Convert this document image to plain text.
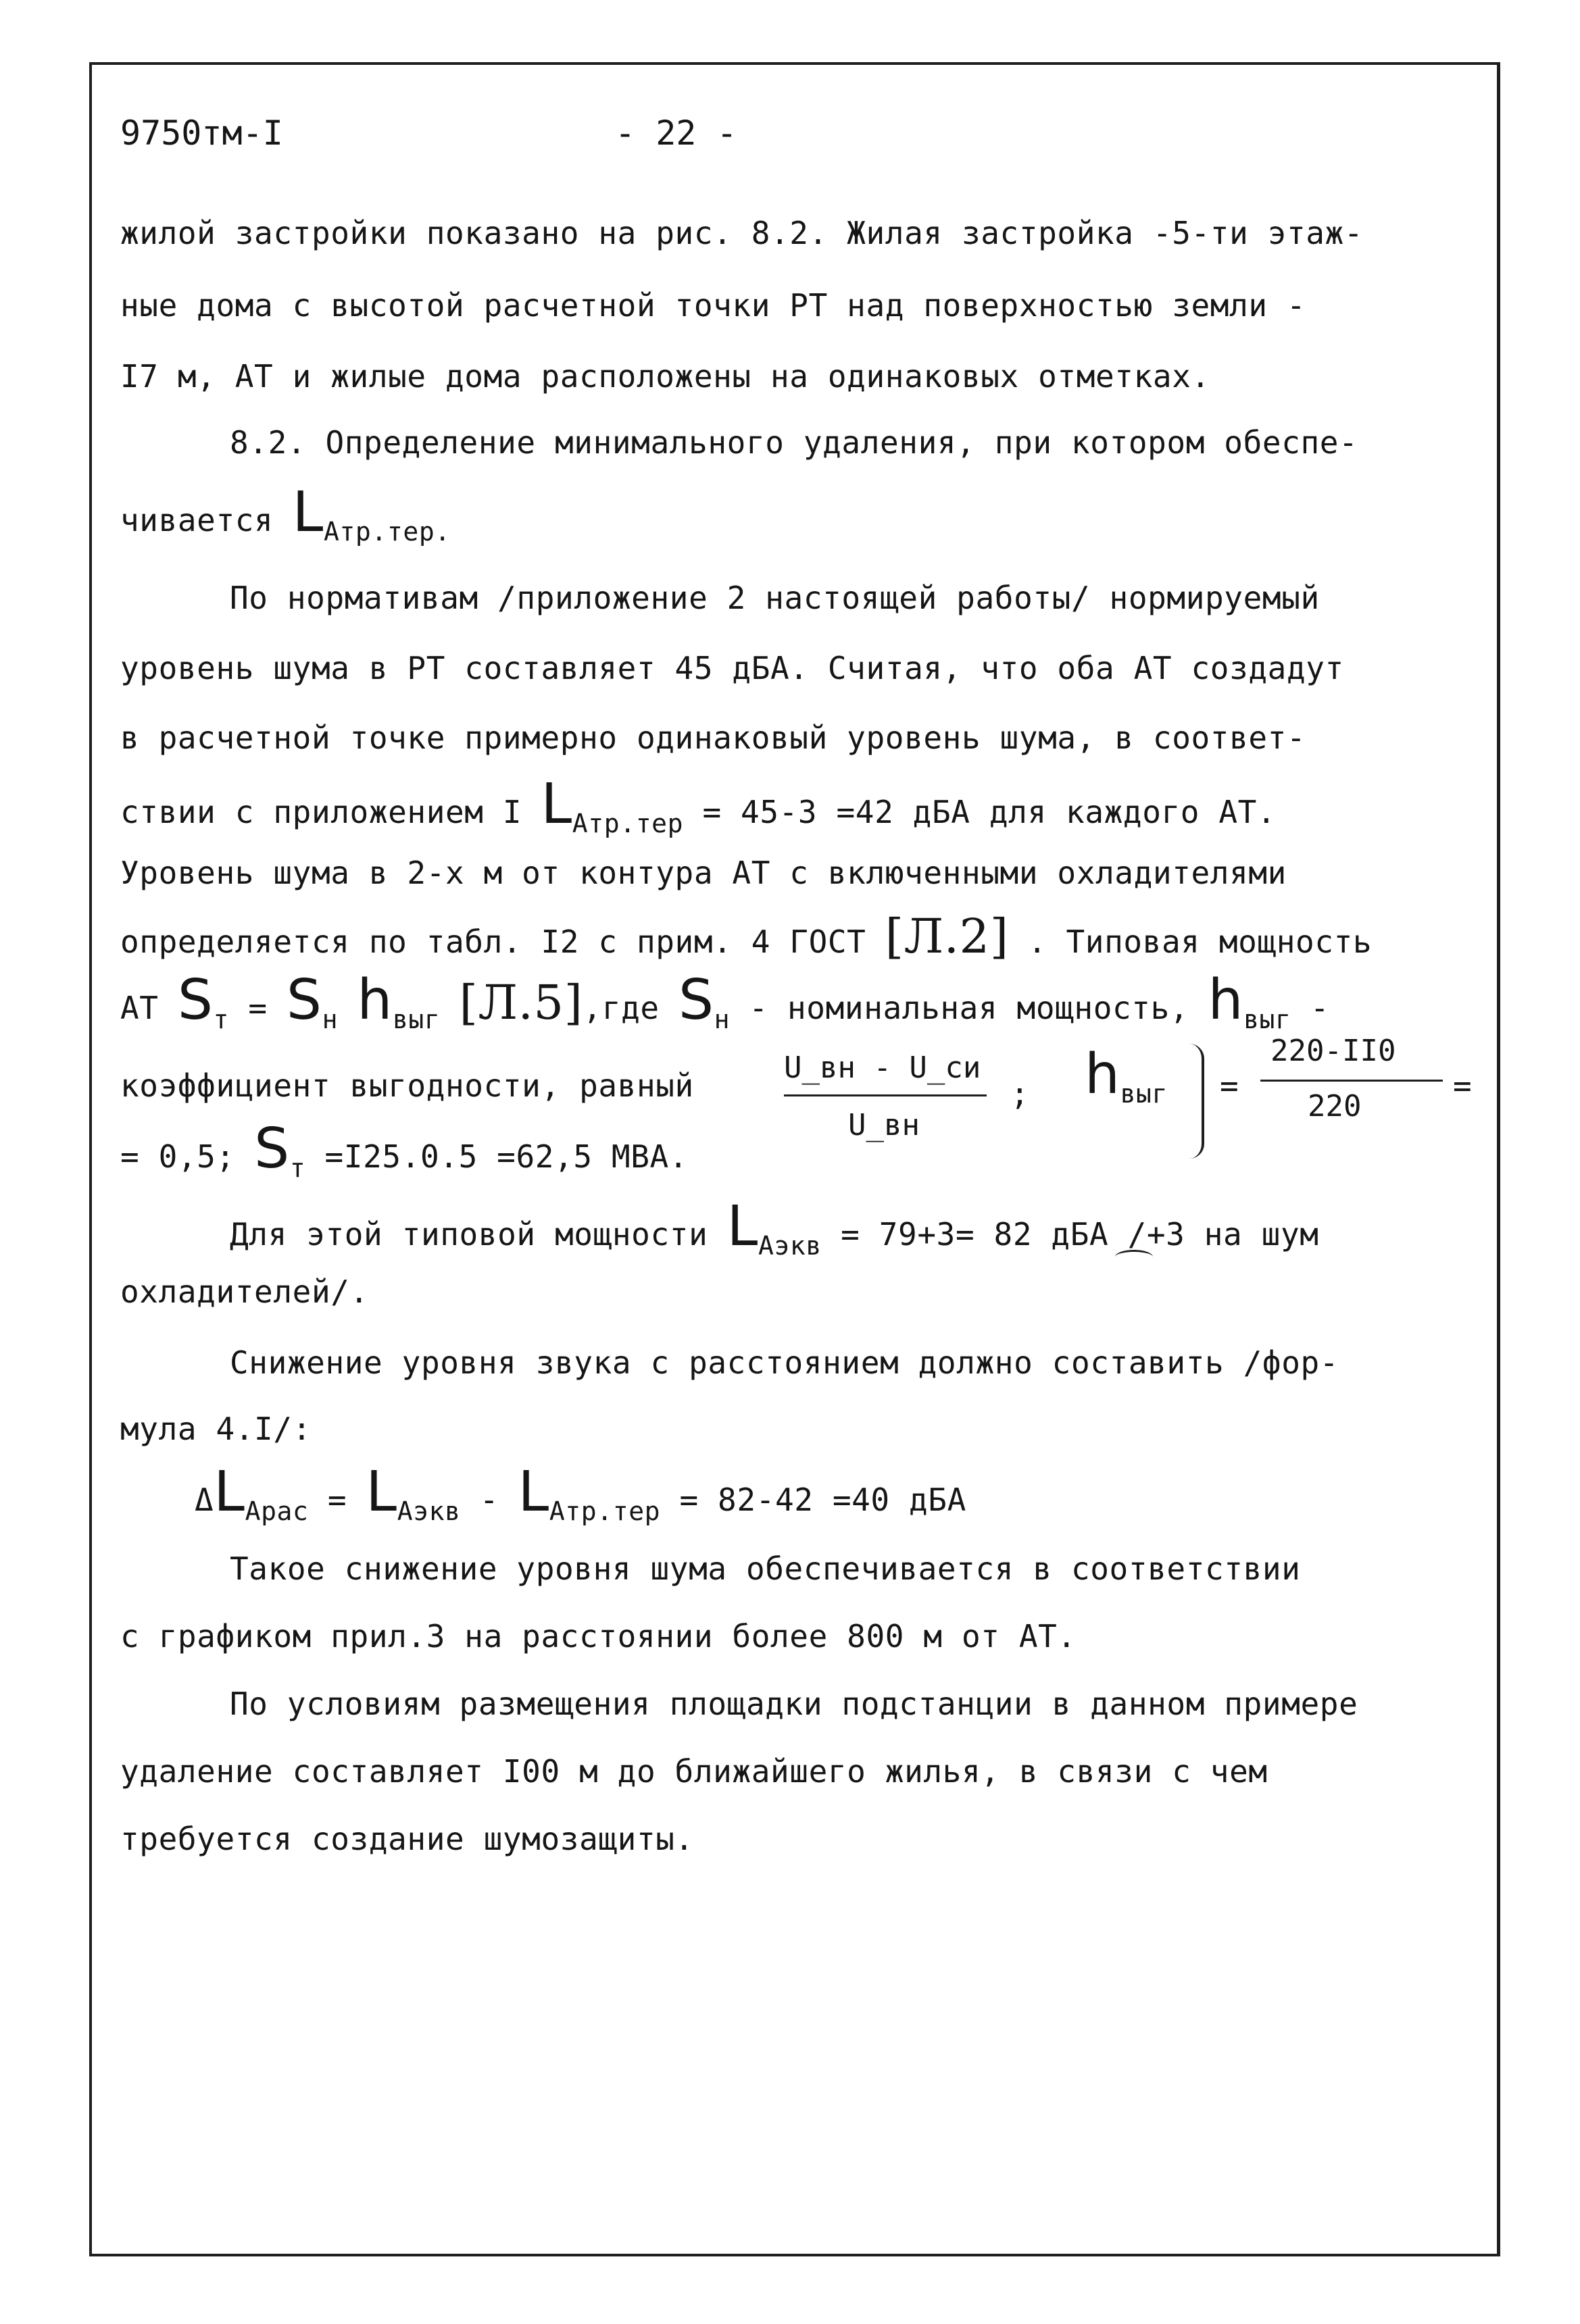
9750тм-I	- 22 -
жилой застройки показано на рис. 8.2. Жилая застройка -5-ти этаж-
ные дома с высотой расчетной точки РТ над поверхностью земли -
I7 м, АТ и жилые дома расположены на одинаковых отметках.
8.2. Определение минимального удаления, при котором обеспе-
чивается $L_{Атр.тер.}$
По нормативам /приложение 2 настоящей работы/ нормируемый
уровень шума в РТ составляет 45 дБА. Считая, что оба АТ создадут
в расчетной точке примерно одинаковый уровень шума, в соответ-
ствии с приложением I $L_{Атр.тер} = 45-3 =42$ дБА для каждого АТ.
Уровень шума в 2-х м от контура АТ с включенными охладителями
определяется по табл. I2 с прим. 4 ГОСТ [Л.2] . Типовая мощность
АТ $S_т = S_н$ $h_{выг}$ [Л.5],где $S_н$ - номинальная мощность, $h_{выг}$ -
коэффициент выгодности, равный	U_вн - U_си
U_вн
; $h_{выг}$ =
220-II0
220
=
= 0,5; $S_т =I25.0.5 =62,5$ МВА.
Для этой типовой мощности $L_{Аэкв} = 79+3= 82$ дБА /+3 на шум
охладителей/.
Снижение уровня звука с расстоянием должно составить /фор-
мула 4.I/:
$\Delta L_{Арас} = L_{Аэкв} - L_{Атр.тер} = 82-42 =40$ дБА
Такое снижение уровня шума обеспечивается в соответствии
с графиком прил.3 на расстоянии более 800 м от АТ.
По условиям размещения площадки подстанции в данном примере
удаление составляет I00 м до ближайшего жилья, в связи с чем
требуется создание шумозащиты.
